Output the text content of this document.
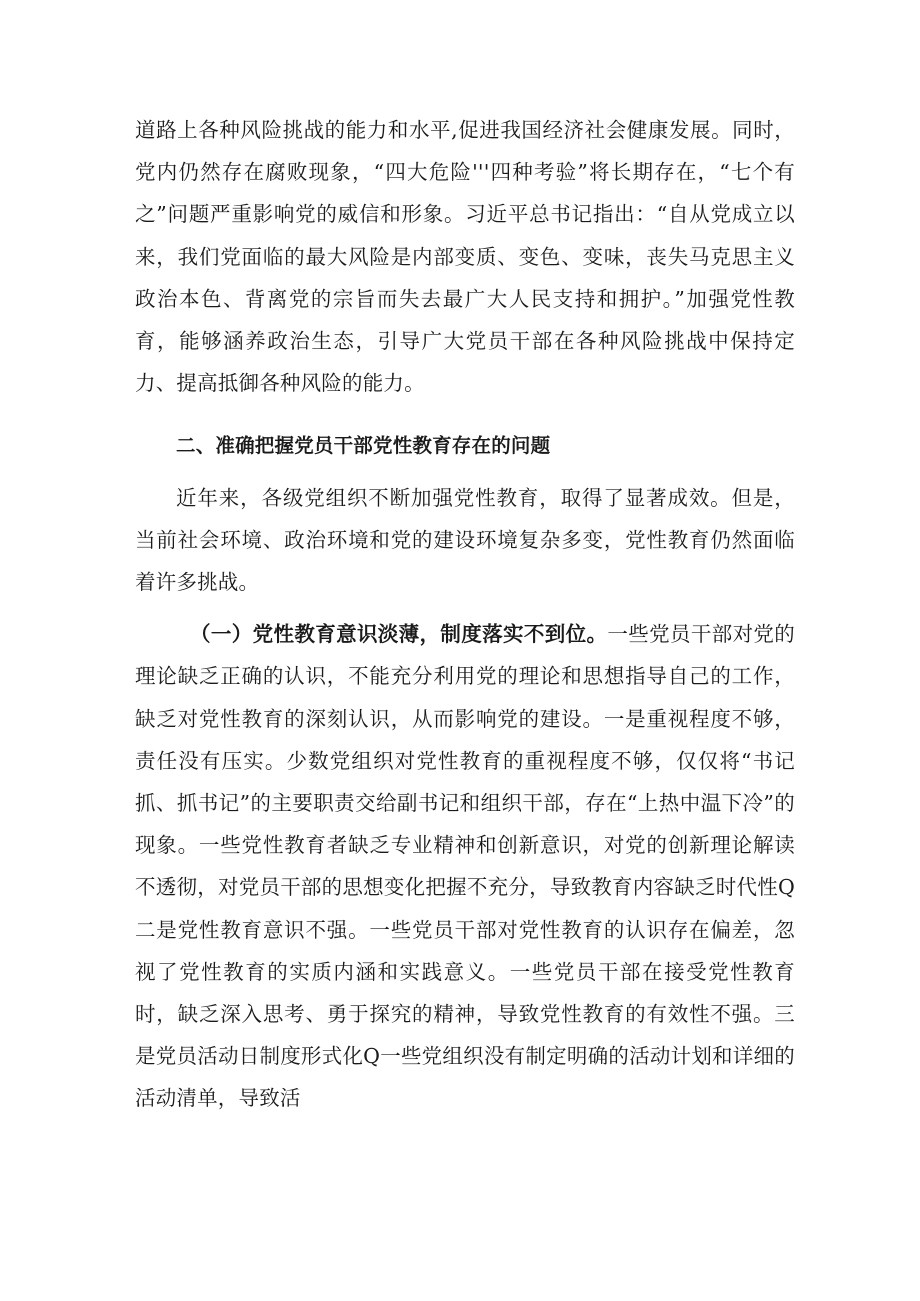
道路上各种风险挑战的能力和水平,促进我国经济社会健康发展。同时，党内仍然存在腐败现象，“四大危险'''四种考验”将长期存在，“七个有之”问题严重影响党的威信和形象。习近平总书记指出：“自从党成立以来，我们党面临的最大风险是内部变质、变色、变味，丧失马克思主义政治本色、背离党的宗旨而失去最广大人民支持和拥护。”加强党性教育，能够涵养政治生态，引导广大党员干部在各种风险挑战中保持定力、提高抵御各种风险的能力。

二、准确把握党员干部党性教育存在的问题

近年来，各级党组织不断加强党性教育，取得了显著成效。但是，当前社会环境、政治环境和党的建设环境复杂多变，党性教育仍然面临着许多挑战。

（一）党性教育意识淡薄，制度落实不到位。一些党员干部对党的理论缺乏正确的认识，不能充分利用党的理论和思想指导自己的工作，缺乏对党性教育的深刻认识，从而影响党的建设。一是重视程度不够，责任没有压实。少数党组织对党性教育的重视程度不够，仅仅将“书记抓、抓书记”的主要职责交给副书记和组织干部，存在“上热中温下冷”的现象。一些党性教育者缺乏专业精神和创新意识，对党的创新理论解读不透彻，对党员干部的思想变化把握不充分，导致教育内容缺乏时代性Q二是党性教育意识不强。一些党员干部对党性教育的认识存在偏差，忽视了党性教育的实质内涵和实践意义。一些党员干部在接受党性教育时，缺乏深入思考、勇于探究的精神，导致党性教育的有效性不强。三是党员活动日制度形式化Q一些党组织没有制定明确的活动计划和详细的活动清单，导致活
